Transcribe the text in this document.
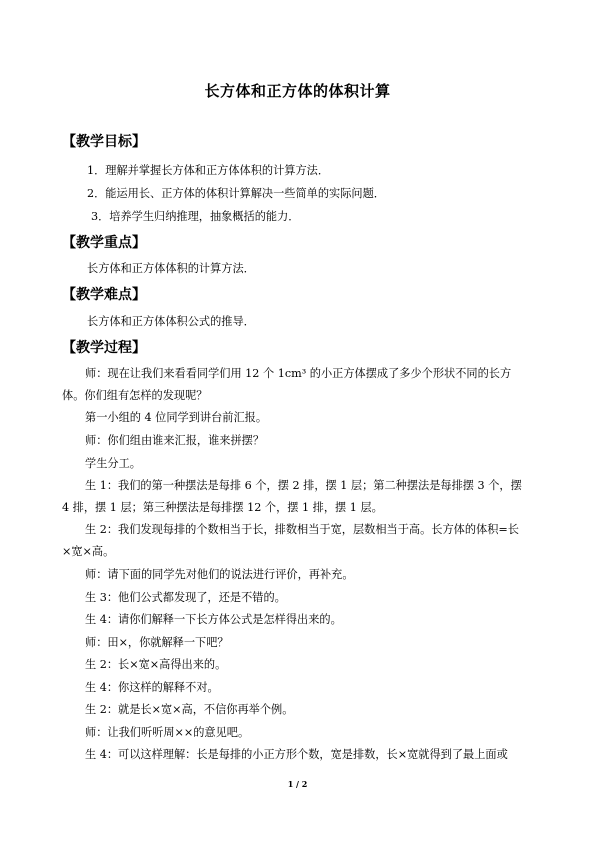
长方体和正方体的体积计算
【教学目标】
1．理解并掌握长方体和正方体体积的计算方法．
2．能运用长、正方体的体积计算解决一些简单的实际问题．
3．培养学生归纳推理，抽象概括的能力．
【教学重点】
长方体和正方体体积的计算方法．
【教学难点】
长方体和正方体体积公式的推导．
【教学过程】
师：现在让我们来看看同学们用 12 个 1cm³ 的小正方体摆成了多少个形状不同的长方
体。你们组有怎样的发现呢？
第一小组的 4 位同学到讲台前汇报。
师：你们组由谁来汇报，谁来拼摆？
学生分工。
生 1：我们的第一种摆法是每排 6 个，摆 2 排，摆 1 层；第二种摆法是每排摆 3 个，摆
4 排，摆 1 层；第三种摆法是每排摆 12 个，摆 1 排，摆 1 层。
生 2：我们发现每排的个数相当于长，排数相当于宽，层数相当于高。长方体的体积=长
×宽×高。
师：请下面的同学先对他们的说法进行评价，再补充。
生 3：他们公式都发现了，还是不错的。
生 4：请你们解释一下长方体公式是怎样得出来的。
师：田×，你就解释一下吧？
生 2：长×宽×高得出来的。
生 4：你这样的解释不对。
生 2：就是长×宽×高，不信你再举个例。
师：让我们听听周××的意见吧。
生 4：可以这样理解：长是每排的小正方形个数，宽是排数，长×宽就得到了最上面或
1 / 2
